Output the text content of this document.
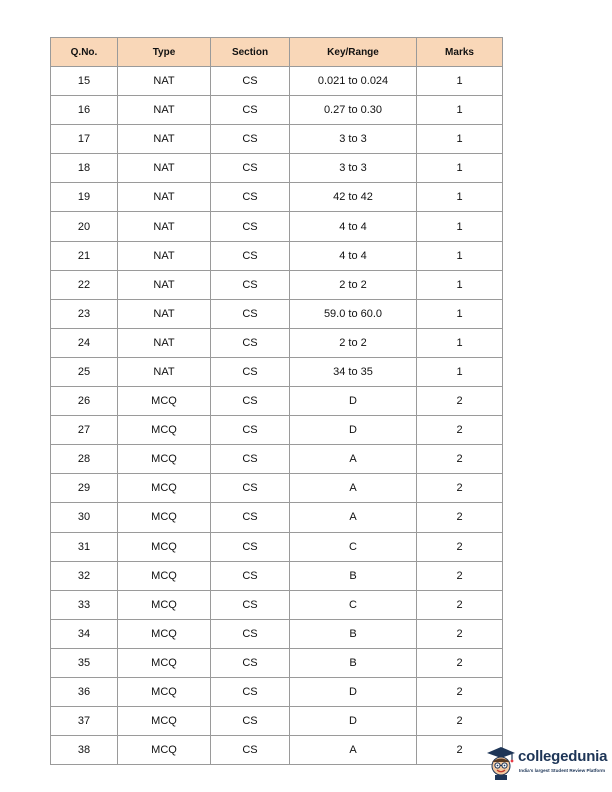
Q.No.	Type	Section	Key/Range	Marks
15	NAT	CS	0.021 to 0.024	1
16	NAT	CS	0.27 to 0.30	1
17	NAT	CS	3 to 3	1
18	NAT	CS	3 to 3	1
19	NAT	CS	42 to 42	1
20	NAT	CS	4 to 4	1
21	NAT	CS	4 to 4	1
22	NAT	CS	2 to 2	1
23	NAT	CS	59.0 to 60.0	1
24	NAT	CS	2 to 2	1
25	NAT	CS	34 to 35	1
26	MCQ	CS	D	2
27	MCQ	CS	D	2
28	MCQ	CS	A	2
29	MCQ	CS	A	2
30	MCQ	CS	A	2
31	MCQ	CS	C	2
32	MCQ	CS	B	2
33	MCQ	CS	C	2
34	MCQ	CS	B	2
35	MCQ	CS	B	2
36	MCQ	CS	D	2
37	MCQ	CS	D	2
38	MCQ	CS	A	2	collegedunia
India's largest Student Review Platform
